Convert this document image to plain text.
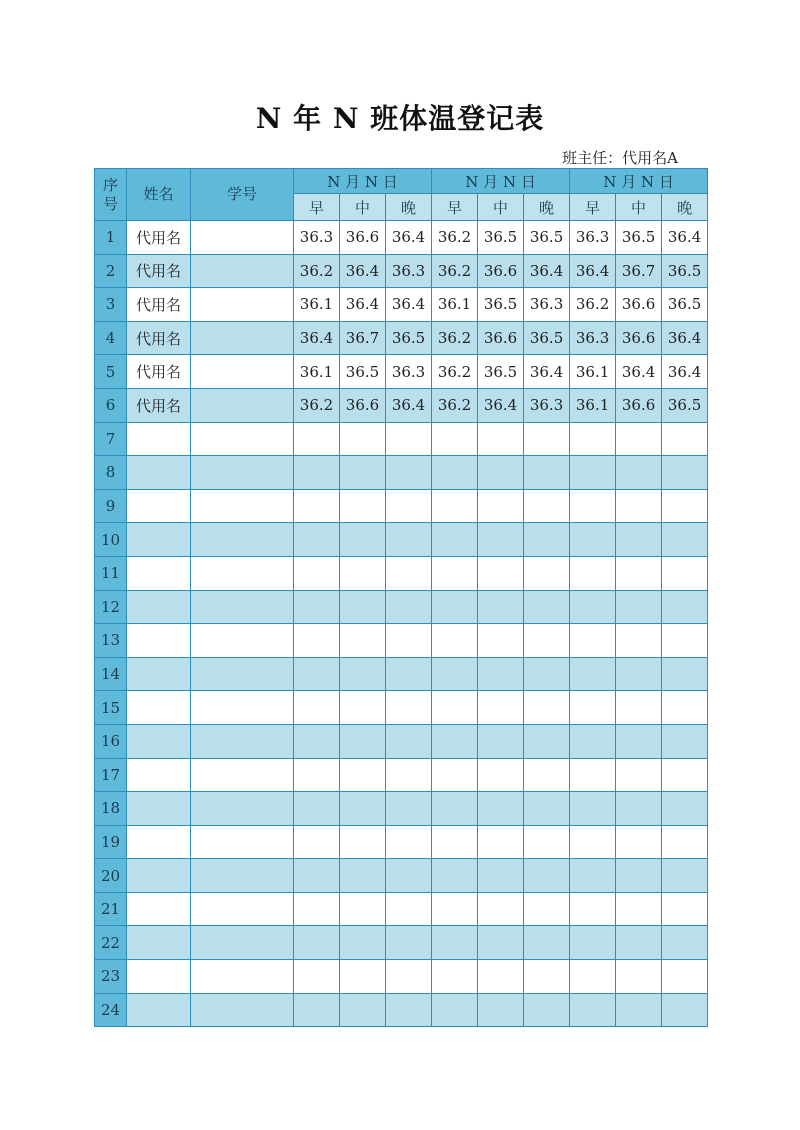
N 年 N 班体温登记表
班主任：代用名A
序
号	姓名	学号	N 月 N 日			N 月 N 日			N 月 N 日		
			早	中	晚	早	中	晚	早	中	晚
1	代用名		36.3	36.6	36.4	36.2	36.5	36.5	36.3	36.5	36.4
2	代用名		36.2	36.4	36.3	36.2	36.6	36.4	36.4	36.7	36.5
3	代用名		36.1	36.4	36.4	36.1	36.5	36.3	36.2	36.6	36.5
4	代用名		36.4	36.7	36.5	36.2	36.6	36.5	36.3	36.6	36.4
5	代用名		36.1	36.5	36.3	36.2	36.5	36.4	36.1	36.4	36.4
6	代用名		36.2	36.6	36.4	36.2	36.4	36.3	36.1	36.6	36.5
7											
8											
9											
10											
11											
12											
13											
14											
15											
16											
17											
18											
19											
20											
21											
22											
23											
24											
